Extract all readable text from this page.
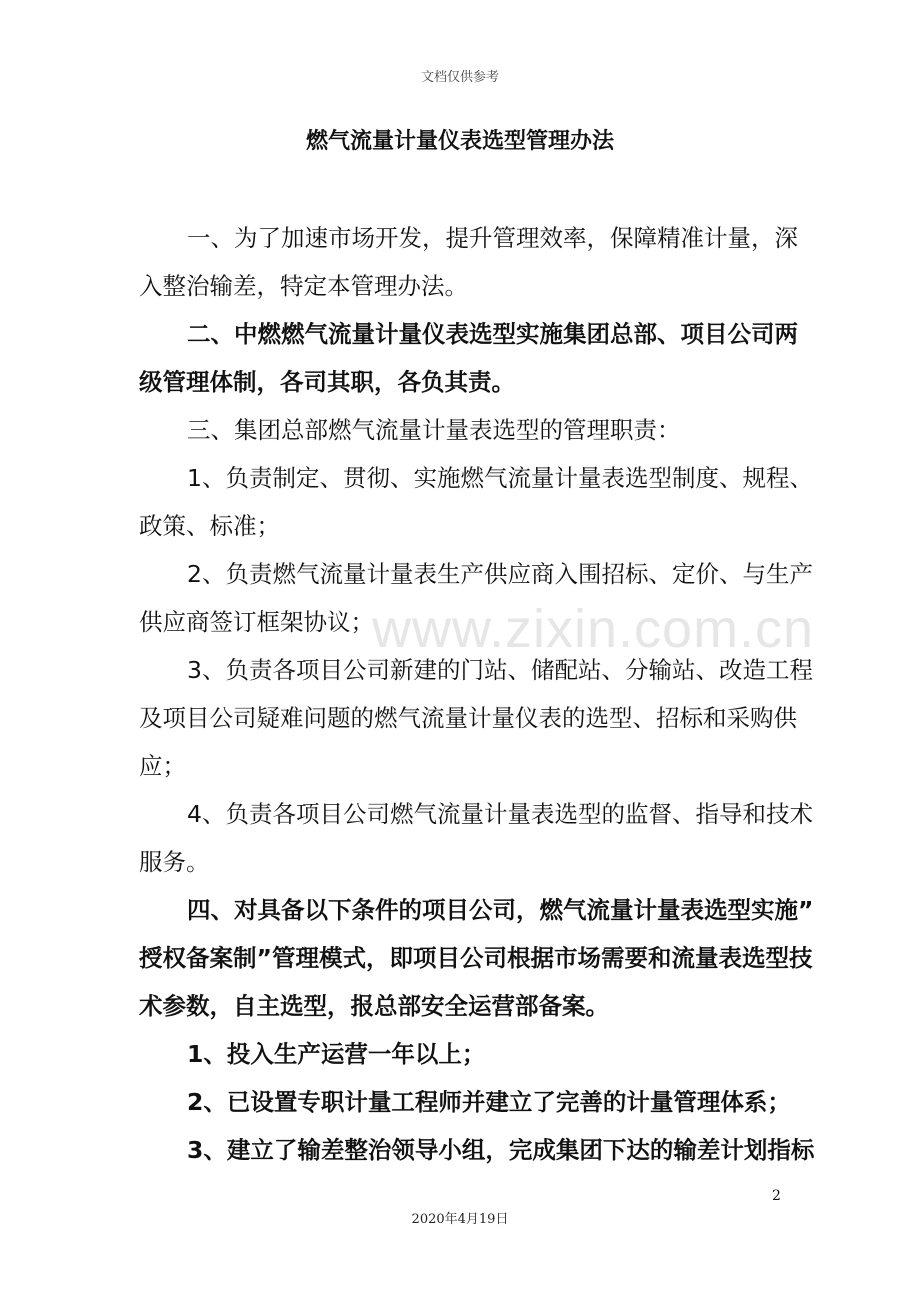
文档仅供参考
燃气流量计量仪表选型管理办法
www.zixin.com.cn
一、为了加速市场开发，提升管理效率，保障精准计量，深
入整治输差，特定本管理办法。
二、中燃燃气流量计量仪表选型实施集团总部、项目公司两
级管理体制，各司其职，各负其责。
三、集团总部燃气流量计量表选型的管理职责：
1、负责制定、贯彻、实施燃气流量计量表选型制度、规程、
政策、标准；
2、负责燃气流量计量表生产供应商入围招标、定价、与生产
供应商签订框架协议；
3、负责各项目公司新建的门站、储配站、分输站、改造工程
及项目公司疑难问题的燃气流量计量仪表的选型、招标和采购供
应；
4、负责各项目公司燃气流量计量表选型的监督、指导和技术
服务。
四、对具备以下条件的项目公司，燃气流量计量表选型实施”
授权备案制”管理模式，即项目公司根据市场需要和流量表选型技
术参数，自主选型，报总部安全运营部备案。
1、投入生产运营一年以上；
2、已设置专职计量工程师并建立了完善的计量管理体系；
3、建立了输差整治领导小组，完成集团下达的输差计划指标
2
2020年4月19日
